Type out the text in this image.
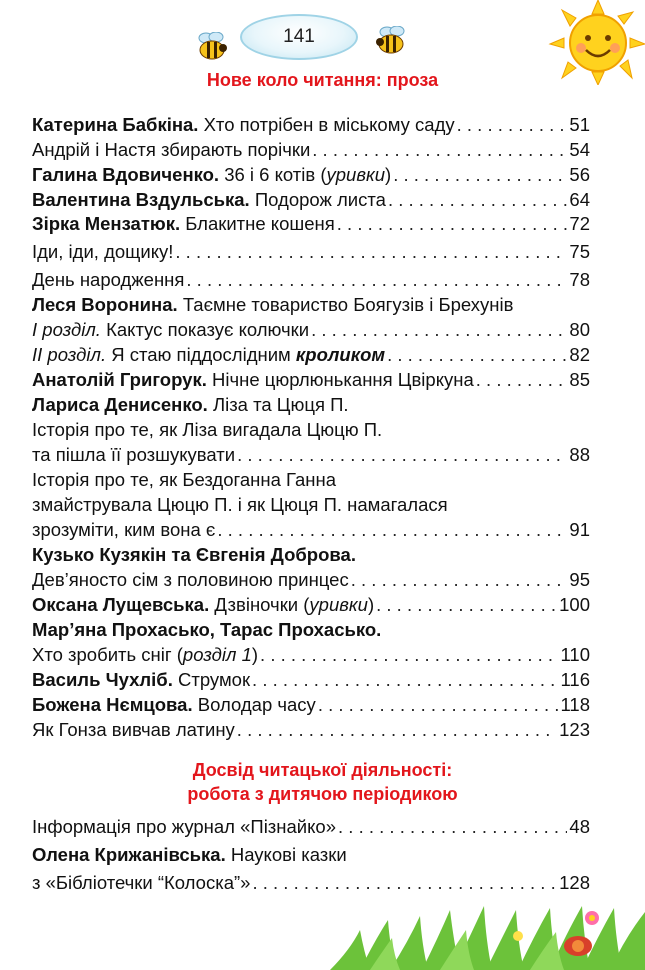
141
Нове коло читання: проза
Катерина Бабкіна. Хто потрібен в міському саду . . .	51
Андрій і Настя збирають порічки . . .	54
Галина Вдовиченко. 36 і 6 котів (уривки) . . .	56
Валентина Вздульська. Подорож листа . . .	64
Зірка Мензатюк. Блакитне кошеня . . .	72
Іди, іди, дощику! . . .	75
День народження . . .	78
Леся Воронина. Таємне товариство Боягузів і Брехунів
І розділ. Кактус показує колючки . . .	80
ІІ розділ. Я стаю піддослідним кроликом . . .	82
Анатолій Григорук. Нічне цюрлюнькання Цвіркуна . . .	85
Лариса Денисенко. Ліза та Цюця П.
Історія про те, як Ліза вигадала Цюцю П.
та пішла її розшукувати . . .	88
Історія про те, як Бездоганна Ганна
змайструвала Цюцю П. і як Цюця П. намагалася
зрозуміти, ким вона є . . .	91
Кузько Кузякін та Євгенія Доброва.
Дев’яносто сім з половиною принцес . . .	95
Оксана Лущевська. Дзвіночки (уривки) . . .	100
Мар’яна Прохасько, Тарас Прохасько.
Хто зробить сніг (розділ 1) . . .	110
Василь Чухліб. Струмок . . .	116
Божена Нємцова. Володар часу . . .	118
Як Гонза вивчав латину . . .	123
Інформація про журнал «Пізнайко» . . .	48
Олена Крижанівська. Наукові казки
з «Бібліотечки “Колоска”» . . .	128
Досвід читацької діяльності:
робота з дитячою періодикою
